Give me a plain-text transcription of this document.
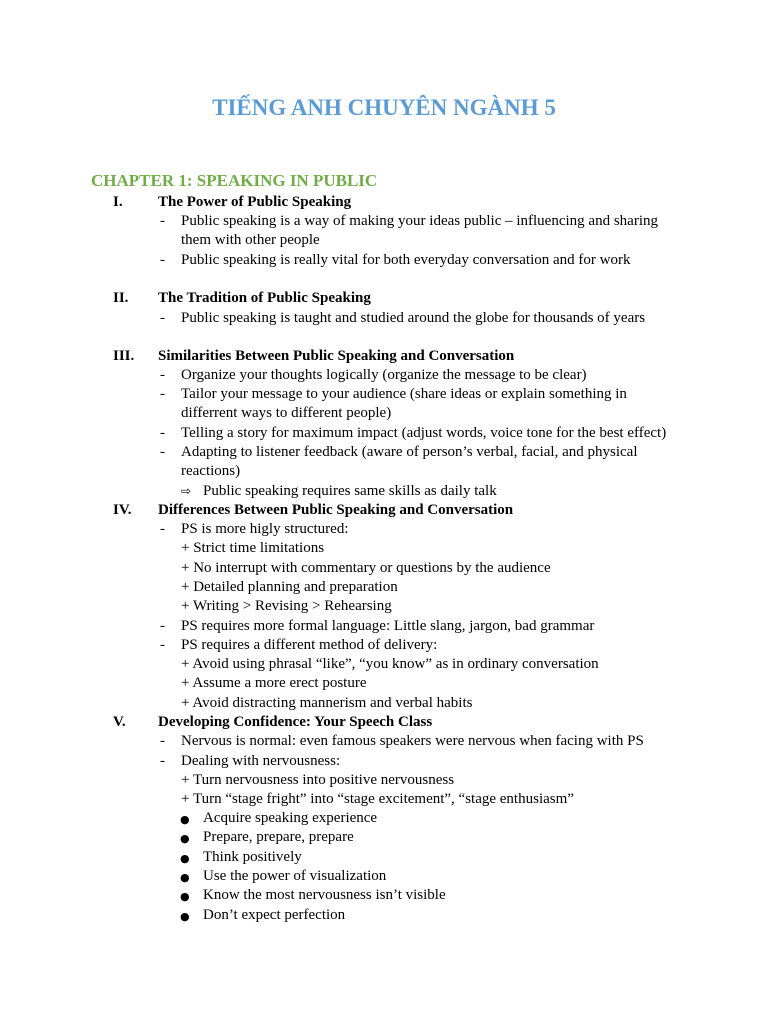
TIẾNG ANH CHUYÊN NGÀNH 5
CHAPTER 1: SPEAKING IN PUBLIC
I. The Power of Public Speaking
- Public speaking is a way of making your ideas public – influencing and sharing
them with other people
- Public speaking is really vital for both everyday conversation and for work
II. The Tradition of Public Speaking
- Public speaking is taught and studied around the globe for thousands of years
III. Similarities Between Public Speaking and Conversation
- Organize your thoughts logically (organize the message to be clear)
- Tailor your message to your audience (share ideas or explain something in
differrent ways to different people)
- Telling a story for maximum impact (adjust words, voice tone for the best effect)
- Adapting to listener feedback (aware of person’s verbal, facial, and physical
reactions)
⇨ Public speaking requires same skills as daily talk
IV. Differences Between Public Speaking and Conversation
- PS is more higly structured:
+ Strict time limitations
+ No interrupt with commentary or questions by the audience
+ Detailed planning and preparation
+ Writing > Revising > Rehearsing
- PS requires more formal language: Little slang, jargon, bad grammar
- PS requires a different method of delivery:
+ Avoid using phrasal “like”, “you know” as in ordinary conversation
+ Assume a more erect posture
+ Avoid distracting mannerism and verbal habits
V. Developing Confidence: Your Speech Class
- Nervous is normal: even famous speakers were nervous when facing with PS
- Dealing with nervousness:
+ Turn nervousness into positive nervousness
+ Turn “stage fright” into “stage excitement”, “stage enthusiasm”
● Acquire speaking experience
● Prepare, prepare, prepare
● Think positively
● Use the power of visualization
● Know the most nervousness isn’t visible
● Don’t expect perfection
